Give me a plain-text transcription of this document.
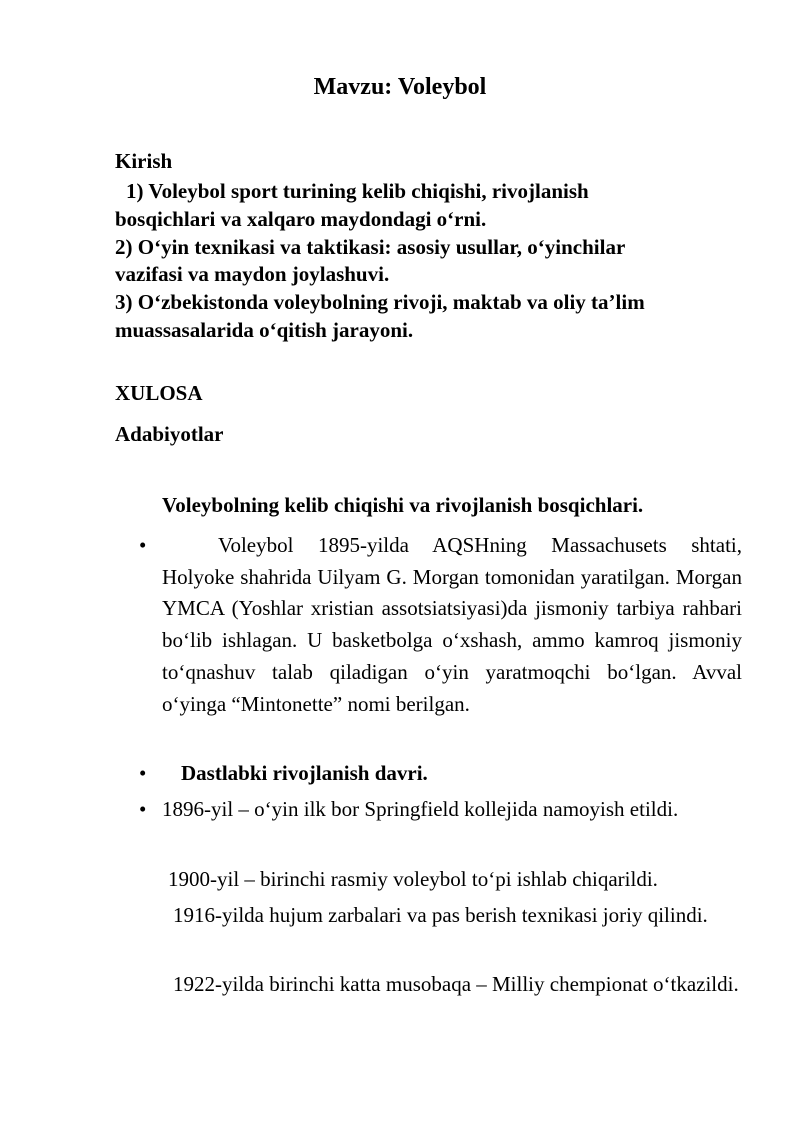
Mavzu: Voleybol
Kirish
1) Voleybol sport turining kelib chiqishi, rivojlanish
bosqichlari va xalqaro maydondagi o‘rni.
2) O‘yin texnikasi va taktikasi: asosiy usullar, o‘yinchilar
vazifasi va maydon joylashuvi.
3) O‘zbekistonda voleybolning rivoji, maktab va oliy ta’lim
muassasalarida o‘qitish jarayoni.
XULOSA
Adabiyotlar
Voleybolning kelib chiqishi va rivojlanish bosqichlari.
•	Voleybol 1895-yilda AQSHning Massachusets shtati, Holyoke shahrida Uilyam G. Morgan tomonidan yaratilgan. Morgan YMCA (Yoshlar xristian assotsiatsiyasi)da jismoniy tarbiya rahbari bo‘lib ishlagan. U basketbolga o‘xshash, ammo kamroq jismoniy to‘qnashuv talab qiladigan o‘yin yaratmoqchi bo‘lgan. Avval o‘yinga “Mintonette” nomi berilgan.
• Dastlabki rivojlanish davri.
• 1896-yil – o‘yin ilk bor Springfield kollejida namoyish etildi.
1900-yil – birinchi rasmiy voleybol to‘pi ishlab chiqarildi.
1916-yilda hujum zarbalari va pas berish texnikasi joriy qilindi.
1922-yilda birinchi katta musobaqa – Milliy chempionat o‘tkazildi.
